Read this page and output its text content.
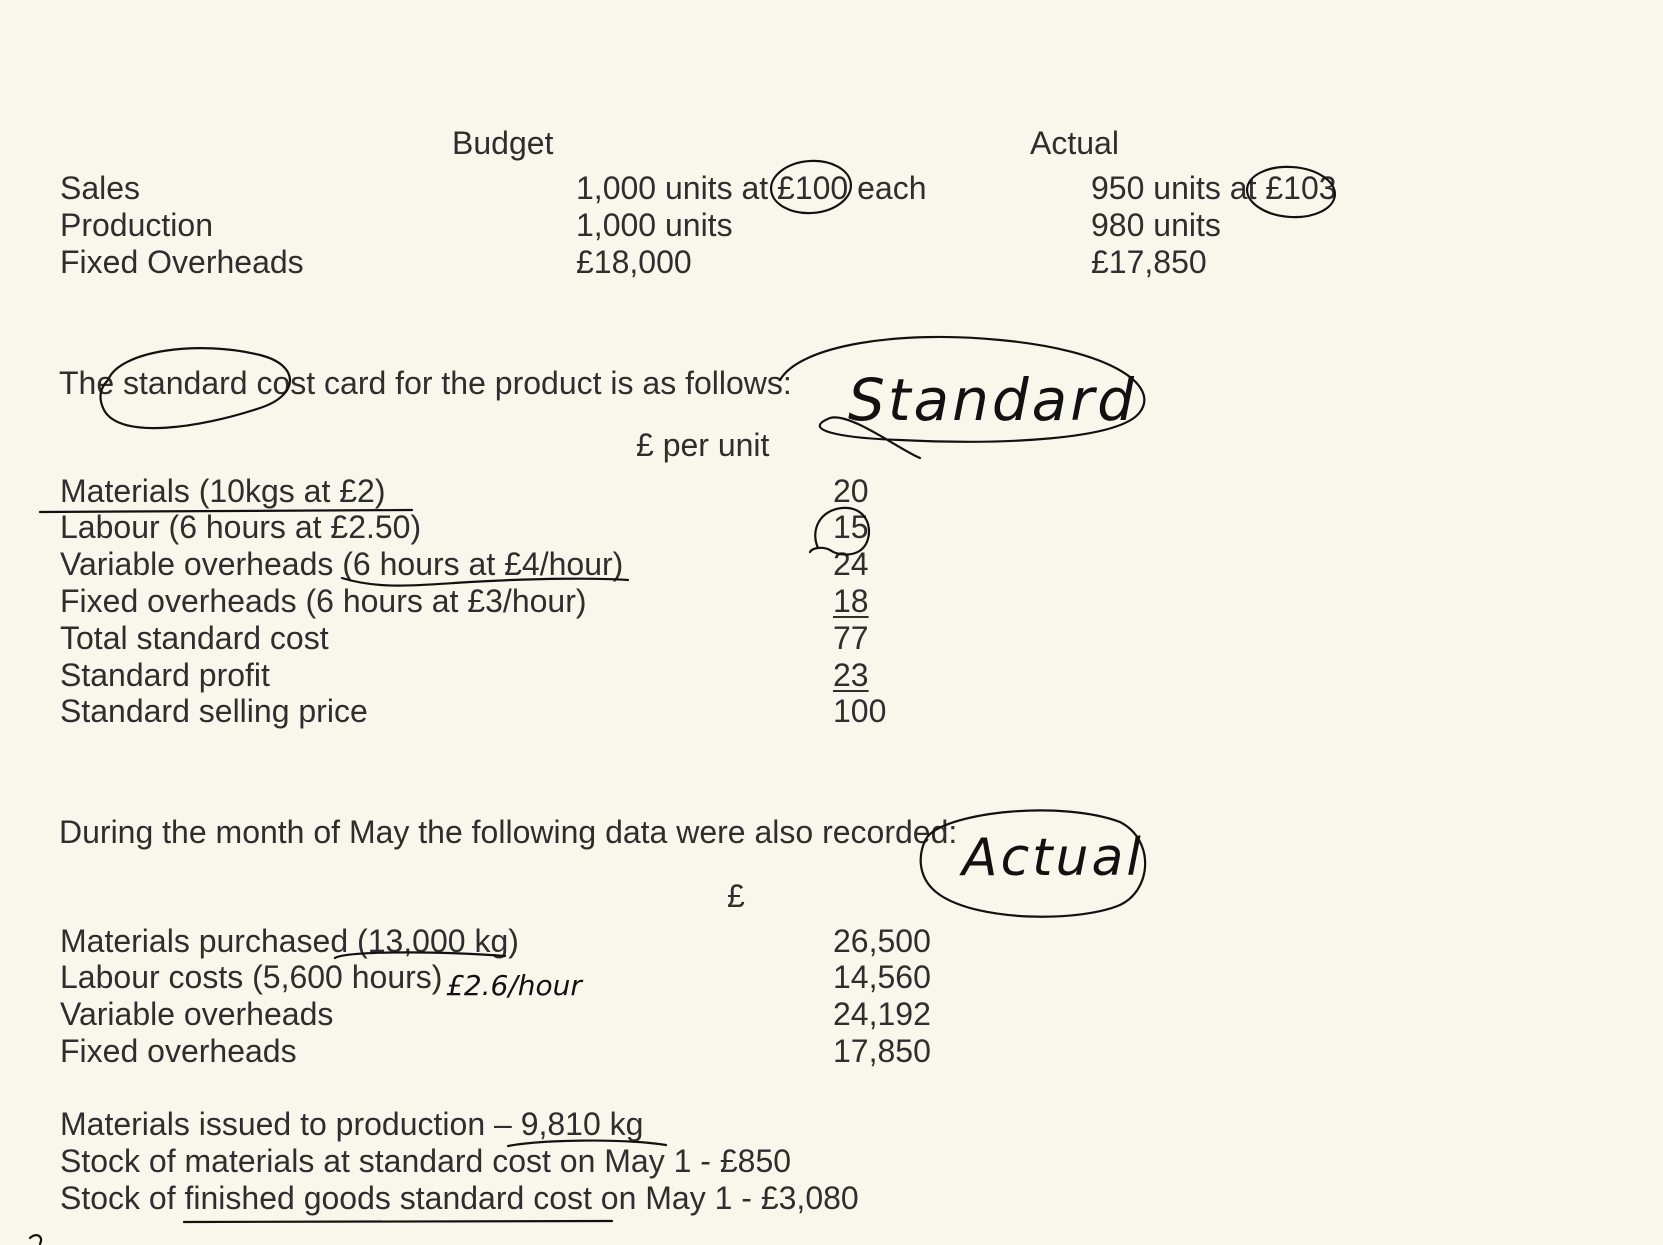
Budget	Actual
Sales	1,000 units at £100 each	950 units at £103
Production	1,000 units	980 units
Fixed Overheads	£18,000	£17,850
The standard cost card for the product is as follows:
£ per unit
Materials (10kgs at £2)	20
Labour (6 hours at £2.50)	15
Variable overheads (6 hours at £4/hour)	24
Fixed overheads (6 hours at £3/hour)	18
Total standard cost	77
Standard profit	23
Standard selling price	100
During the month of May the following data were also recorded:
£
Materials purchased (13,000 kg)	26,500
Labour costs (5,600 hours)	14,560
Variable overheads	24,192
Fixed overheads	17,850
Materials issued to production – 9,810 kg
Stock of materials at standard cost on May 1 - £850
Stock of finished goods standard cost on May 1 - £3,080
Standard
Actual
£2.6/hour
